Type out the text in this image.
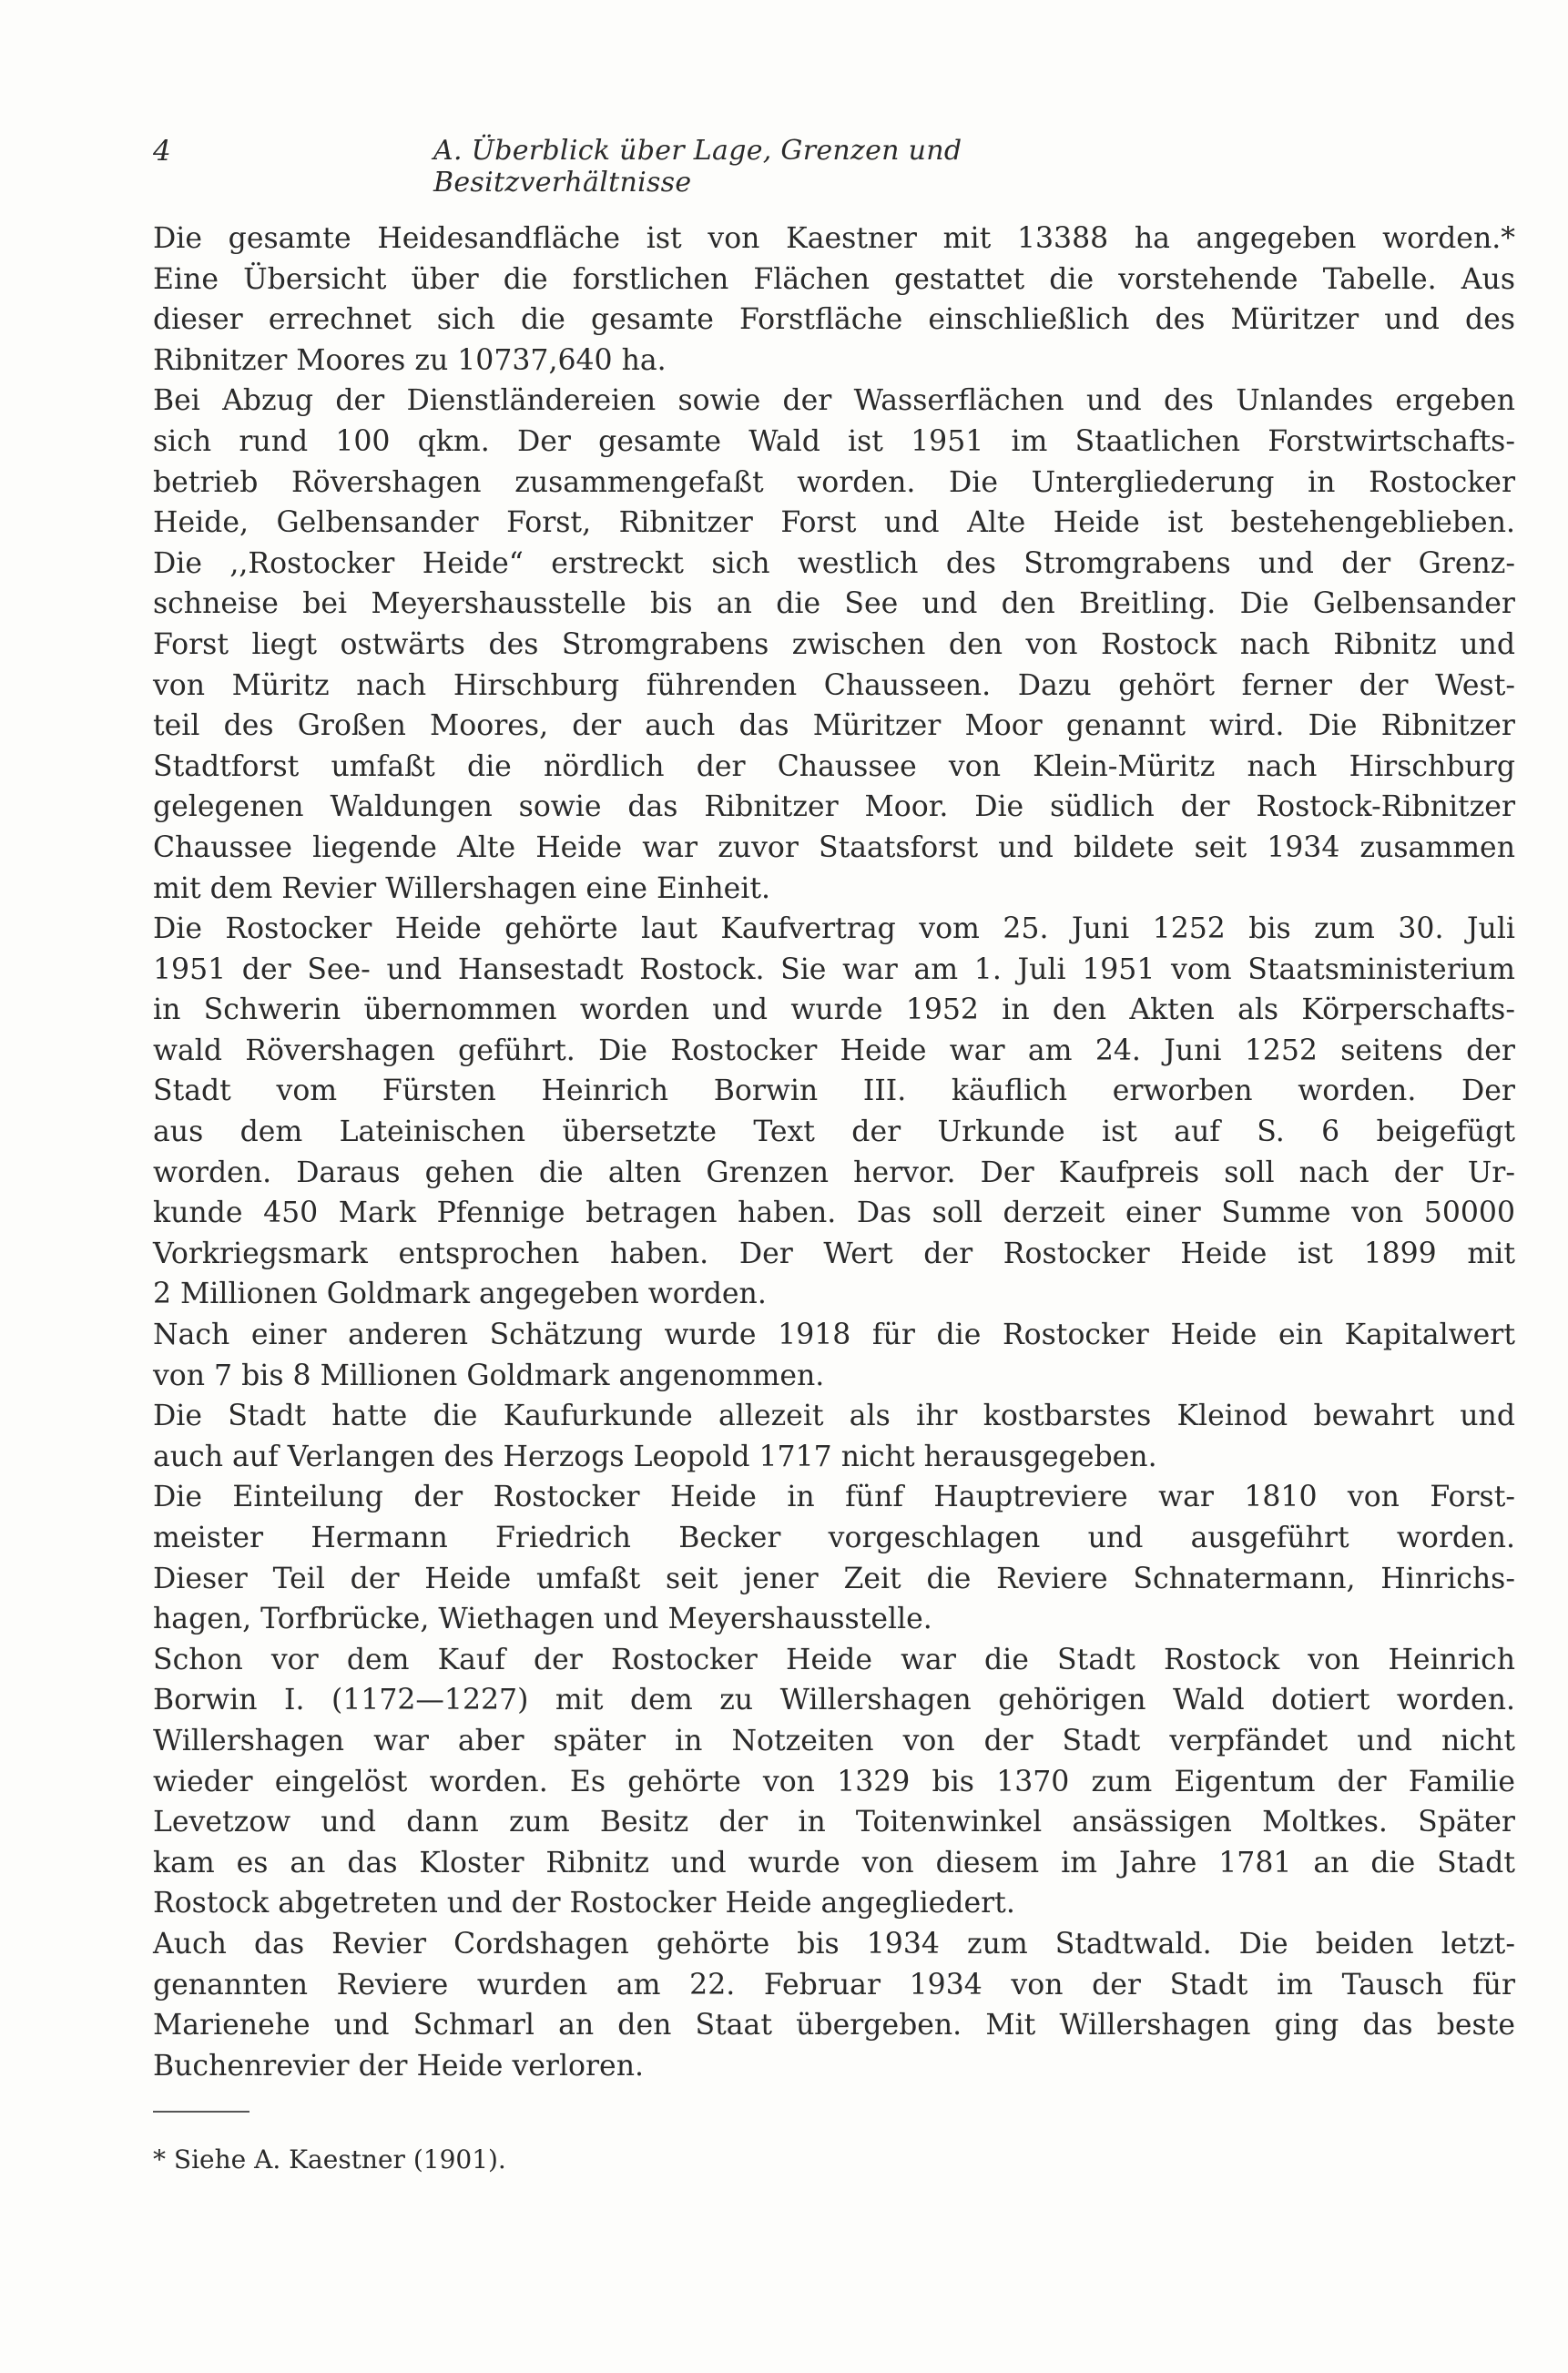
4	A. Überblick über Lage, Grenzen und Besitzverhältnisse
Die gesamte Heidesandfläche ist von Kaestner mit 13388 ha angegeben worden.*
Eine Übersicht über die forstlichen Flächen gestattet die vorstehende Tabelle. Aus
dieser errechnet sich die gesamte Forstfläche einschließlich des Müritzer und des
Ribnitzer Moores zu 10737,640 ha.
Bei Abzug der Dienstländereien sowie der Wasserflächen und des Unlandes ergeben
sich rund 100 qkm. Der gesamte Wald ist 1951 im Staatlichen Forstwirtschafts-
betrieb Rövershagen zusammengefaßt worden. Die Untergliederung in Rostocker
Heide, Gelbensander Forst, Ribnitzer Forst und Alte Heide ist bestehengeblieben.
Die ,,Rostocker Heide“ erstreckt sich westlich des Stromgrabens und der Grenz-
schneise bei Meyershausstelle bis an die See und den Breitling. Die Gelbensander
Forst liegt ostwärts des Stromgrabens zwischen den von Rostock nach Ribnitz und
von Müritz nach Hirschburg führenden Chausseen. Dazu gehört ferner der West-
teil des Großen Moores, der auch das Müritzer Moor genannt wird. Die Ribnitzer
Stadtforst umfaßt die nördlich der Chaussee von Klein-Müritz nach Hirschburg
gelegenen Waldungen sowie das Ribnitzer Moor. Die südlich der Rostock-Ribnitzer
Chaussee liegende Alte Heide war zuvor Staatsforst und bildete seit 1934 zusammen
mit dem Revier Willershagen eine Einheit.
Die Rostocker Heide gehörte laut Kaufvertrag vom 25. Juni 1252 bis zum 30. Juli
1951 der See- und Hansestadt Rostock. Sie war am 1. Juli 1951 vom Staatsministerium
in Schwerin übernommen worden und wurde 1952 in den Akten als Körperschafts-
wald Rövershagen geführt. Die Rostocker Heide war am 24. Juni 1252 seitens der
Stadt vom Fürsten Heinrich Borwin III. käuflich erworben worden. Der
aus dem Lateinischen übersetzte Text der Urkunde ist auf S. 6 beigefügt
worden. Daraus gehen die alten Grenzen hervor. Der Kaufpreis soll nach der Ur-
kunde 450 Mark Pfennige betragen haben. Das soll derzeit einer Summe von 50000
Vorkriegsmark entsprochen haben. Der Wert der Rostocker Heide ist 1899 mit
2 Millionen Goldmark angegeben worden.
Nach einer anderen Schätzung wurde 1918 für die Rostocker Heide ein Kapitalwert
von 7 bis 8 Millionen Goldmark angenommen.
Die Stadt hatte die Kaufurkunde allezeit als ihr kostbarstes Kleinod bewahrt und
auch auf Verlangen des Herzogs Leopold 1717 nicht herausgegeben.
Die Einteilung der Rostocker Heide in fünf Hauptreviere war 1810 von Forst-
meister Hermann Friedrich Becker vorgeschlagen und ausgeführt worden.
Dieser Teil der Heide umfaßt seit jener Zeit die Reviere Schnatermann, Hinrichs-
hagen, Torfbrücke, Wiethagen und Meyershausstelle.
Schon vor dem Kauf der Rostocker Heide war die Stadt Rostock von Heinrich
Borwin I. (1172—1227) mit dem zu Willershagen gehörigen Wald dotiert worden.
Willershagen war aber später in Notzeiten von der Stadt verpfändet und nicht
wieder eingelöst worden. Es gehörte von 1329 bis 1370 zum Eigentum der Familie
Levetzow und dann zum Besitz der in Toitenwinkel ansässigen Moltkes. Später
kam es an das Kloster Ribnitz und wurde von diesem im Jahre 1781 an die Stadt
Rostock abgetreten und der Rostocker Heide angegliedert.
Auch das Revier Cordshagen gehörte bis 1934 zum Stadtwald. Die beiden letzt-
genannten Reviere wurden am 22. Februar 1934 von der Stadt im Tausch für
Marienehe und Schmarl an den Staat übergeben. Mit Willershagen ging das beste
Buchenrevier der Heide verloren.
* Siehe A. Kaestner (1901).
